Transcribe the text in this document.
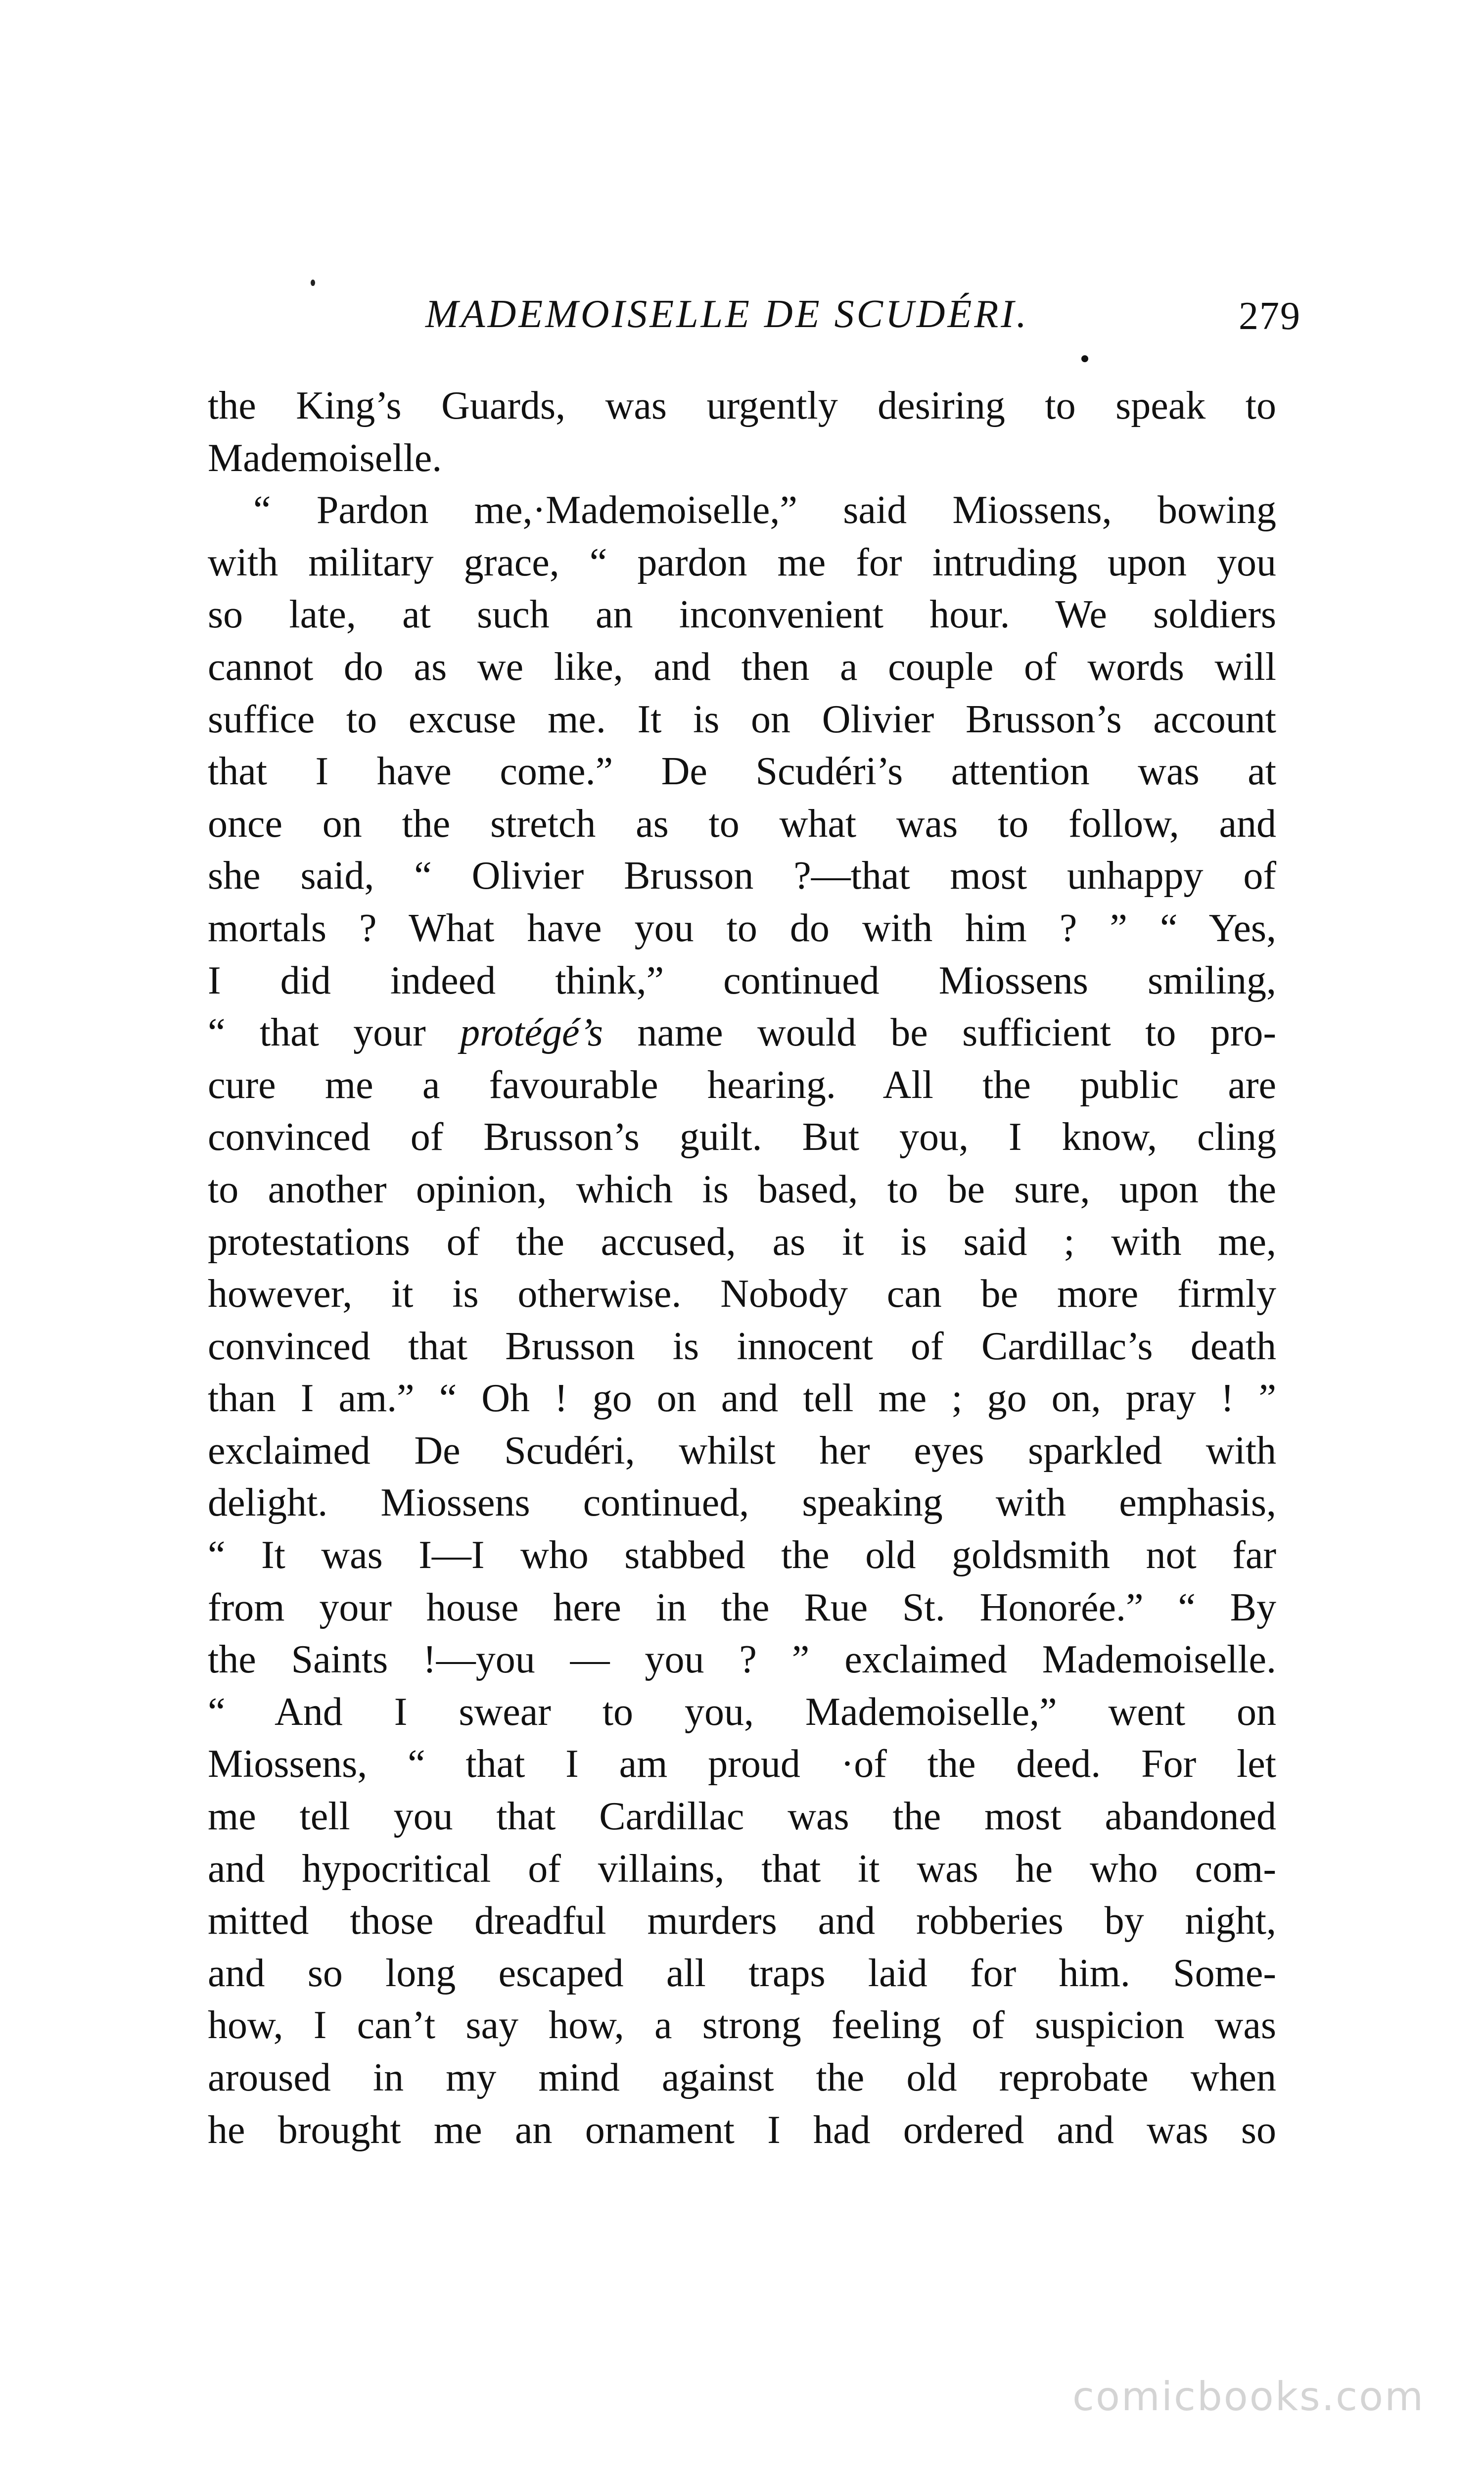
MADEMOISELLE DE SCUDÉRI.	279
the King’s Guards, was urgently desiring to speak to
Mademoiselle.
“ Pardon me,·Mademoiselle,” said Miossens, bowing
with military grace, “ pardon me for intruding upon you
so late, at such an inconvenient hour. We soldiers
cannot do as we like, and then a couple of words will
suffice to excuse me. It is on Olivier Brusson’s account
that I have come.” De Scudéri’s attention was at
once on the stretch as to what was to follow, and
she said, “ Olivier Brusson ?—that most unhappy of
mortals ? What have you to do with him ? ” “ Yes,
I did indeed think,” continued Miossens smiling,
“ that your protégé’s name would be sufficient to pro-
cure me a favourable hearing. All the public are
convinced of Brusson’s guilt. But you, I know, cling
to another opinion, which is based, to be sure, upon the
protestations of the accused, as it is said ; with me,
however, it is otherwise. Nobody can be more firmly
convinced that Brusson is innocent of Cardillac’s death
than I am.” “ Oh ! go on and tell me ; go on, pray ! ”
exclaimed De Scudéri, whilst her eyes sparkled with
delight. Miossens continued, speaking with emphasis,
“ It was I—I who stabbed the old goldsmith not far
from your house here in the Rue St. Honorée.” “ By
the Saints !—you — you ? ” exclaimed Mademoiselle.
“ And I swear to you, Mademoiselle,” went on
Miossens, “ that I am proud ·of the deed. For let
me tell you that Cardillac was the most abandoned
and hypocritical of villains, that it was he who com-
mitted those dreadful murders and robberies by night,
and so long escaped all traps laid for him. Some-
how, I can’t say how, a strong feeling of suspicion was
aroused in my mind against the old reprobate when
he brought me an ornament I had ordered and was so
comicbooks.com
